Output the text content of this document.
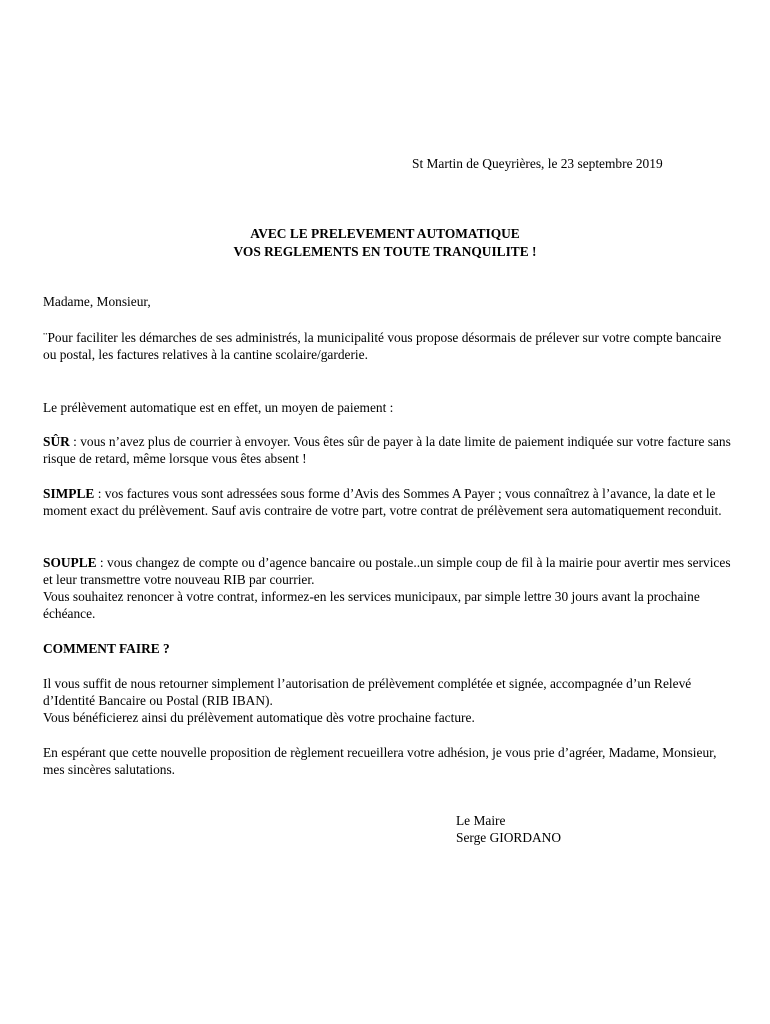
St Martin de Queyrières, le 23 septembre 2019
AVEC LE PRELEVEMENT AUTOMATIQUE
VOS REGLEMENTS EN TOUTE TRANQUILITE !

Madame, Monsieur,

¨Pour faciliter les démarches de ses administrés, la municipalité vous propose désormais de prélever sur votre compte bancaire ou postal, les factures relatives à la cantine scolaire/garderie.

Le prélèvement automatique est en effet, un moyen de paiement :

SÛR : vous n’avez plus de courrier à envoyer. Vous êtes sûr de payer à la date limite de paiement indiquée sur votre facture sans risque de retard, même lorsque vous êtes absent !

SIMPLE : vos factures vous sont adressées sous forme d’Avis des Sommes A Payer ; vous connaîtrez à l’avance, la date et le moment exact du prélèvement. Sauf avis contraire de votre part, votre contrat de prélèvement sera automatiquement reconduit.

SOUPLE : vous changez de compte ou d’agence bancaire ou postale..un simple coup de fil à la mairie pour avertir mes services et leur transmettre votre nouveau RIB par courrier.

Vous souhaitez renoncer à votre contrat, informez-en les services municipaux, par simple lettre 30 jours avant la prochaine échéance.

COMMENT FAIRE ?

Il vous suffit de nous retourner simplement l’autorisation de prélèvement complétée et signée, accompagnée d’un Relevé d’Identité Bancaire ou Postal (RIB IBAN).

Vous bénéficierez ainsi du prélèvement automatique dès votre prochaine facture.

En espérant que cette nouvelle proposition de règlement recueillera votre adhésion, je vous prie d’agréer, Madame, Monsieur, mes sincères salutations.

Le Maire
Serge GIORDANO
